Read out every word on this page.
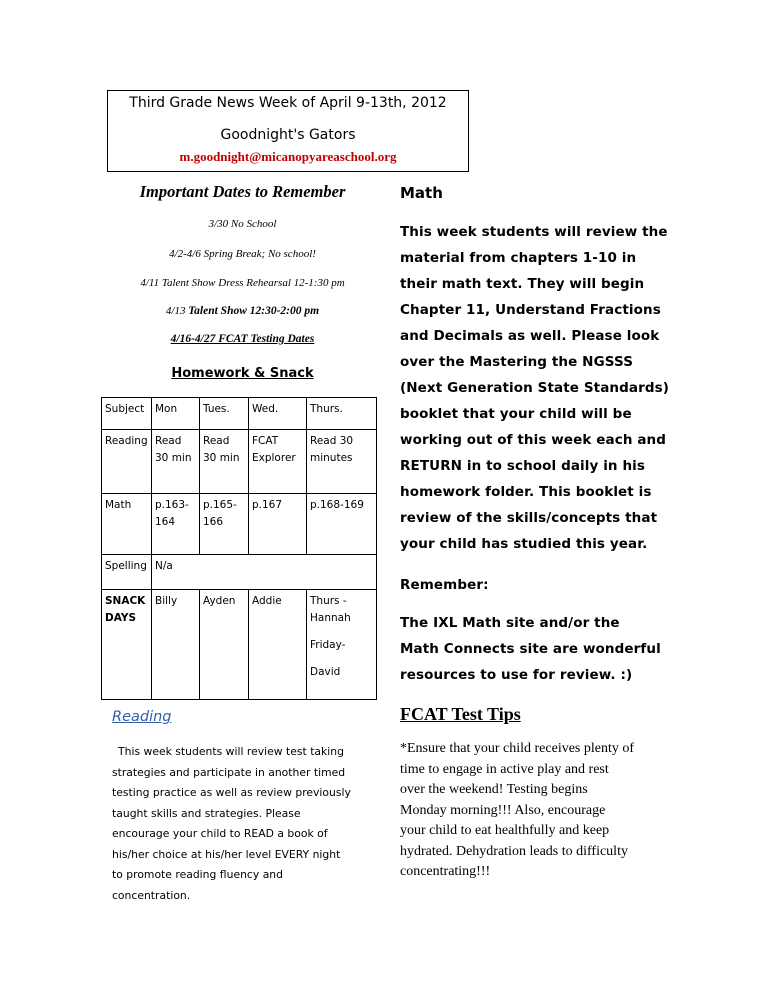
Third Grade News Week of April 9-13th, 2012
Goodnight's Gators
m.goodnight@micanopyareaschool.org
Important Dates to Remember
3/30 No School
4/2-4/6 Spring Break; No school!
4/11 Talent Show Dress Rehearsal 12-1:30 pm
4/13 Talent Show 12:30-2:00 pm
4/16-4/27 FCAT Testing Dates
Homework & Snack
Subject	Mon	Tues.	Wed.	Thurs.
Reading	Read 30 min	Read 30 min	FCAT Explorer	Read 30 minutes
Math	p.163-164	p.165-166	p.167	p.168-169
Spelling	N/a			
SNACK DAYS	Billy	Ayden	Addie	Thurs - Hannah
Friday-
David
Reading
This week students will review test taking
strategies and participate in another timed
testing practice as well as review previously
taught skills and strategies. Please
encourage your child to READ a book of
his/her choice at his/her level EVERY night
to promote reading fluency and
concentration.
Math
This week students will review the
material from chapters 1-10 in
their math text. They will begin
Chapter 11, Understand Fractions
and Decimals as well. Please look
over the Mastering the NGSSS
(Next Generation State Standards)
booklet that your child will be
working out of this week each and
RETURN in to school daily in his
homework folder. This booklet is
review of the skills/concepts that
your child has studied this year.
Remember:
The IXL Math site and/or the
Math Connects site are wonderful
resources to use for review. :)
FCAT Test Tips
*Ensure that your child receives plenty of
time to engage in active play and rest
over the weekend! Testing begins
Monday morning!!! Also, encourage
your child to eat healthfully and keep
hydrated. Dehydration leads to difficulty
concentrating!!!
